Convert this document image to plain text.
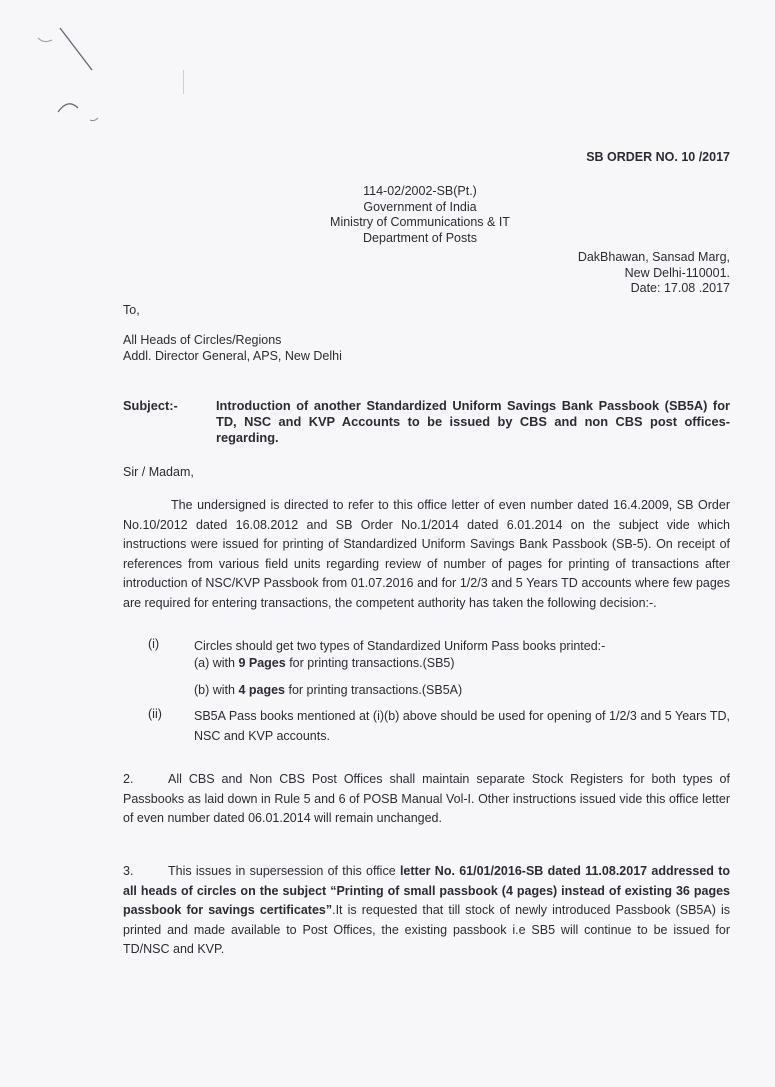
SB ORDER NO. 10 /2017
114-02/2002-SB(Pt.)
Government of India
Ministry of Communications & IT
Department of Posts
DakBhawan, Sansad Marg,
New Delhi-110001.
Date: 17.08 .2017
To,
All Heads of Circles/Regions
Addl. Director General, APS, New Delhi
Subject:-	Introduction of another Standardized Uniform Savings Bank Passbook (SB5A) for TD, NSC and KVP Accounts to be issued by CBS and non CBS post offices-regarding.
Sir / Madam,
The undersigned is directed to refer to this office letter of even number dated 16.4.2009, SB Order No.10/2012 dated 16.08.2012 and SB Order No.1/2014 dated 6.01.2014 on the subject vide which instructions were issued for printing of Standardized Uniform Savings Bank Passbook (SB-5). On receipt of references from various field units regarding review of number of pages for printing of transactions after introduction of NSC/KVP Passbook from 01.07.2016 and for 1/2/3 and 5 Years TD accounts where few pages are required for entering transactions, the competent authority has taken the following decision:-.
(i)	Circles should get two types of Standardized Uniform Pass books printed:-
(a) with 9 Pages for printing transactions.(SB5)
(b) with 4 pages for printing transactions.(SB5A)
(ii)	SB5A Pass books mentioned at (i)(b) above should be used for opening of 1/2/3 and 5 Years TD, NSC and KVP accounts.
2.	All CBS and Non CBS Post Offices shall maintain separate Stock Registers for both types of Passbooks as laid down in Rule 5 and 6 of POSB Manual Vol-I. Other instructions issued vide this office letter of even number dated 06.01.2014 will remain unchanged.
3.	This issues in supersession of this office letter No. 61/01/2016-SB dated 11.08.2017 addressed to all heads of circles on the subject “Printing of small passbook (4 pages) instead of existing 36 pages passbook for savings certificates”.It is requested that till stock of newly introduced Passbook (SB5A) is printed and made available to Post Offices, the existing passbook i.e SB5 will continue to be issued for TD/NSC and KVP.
